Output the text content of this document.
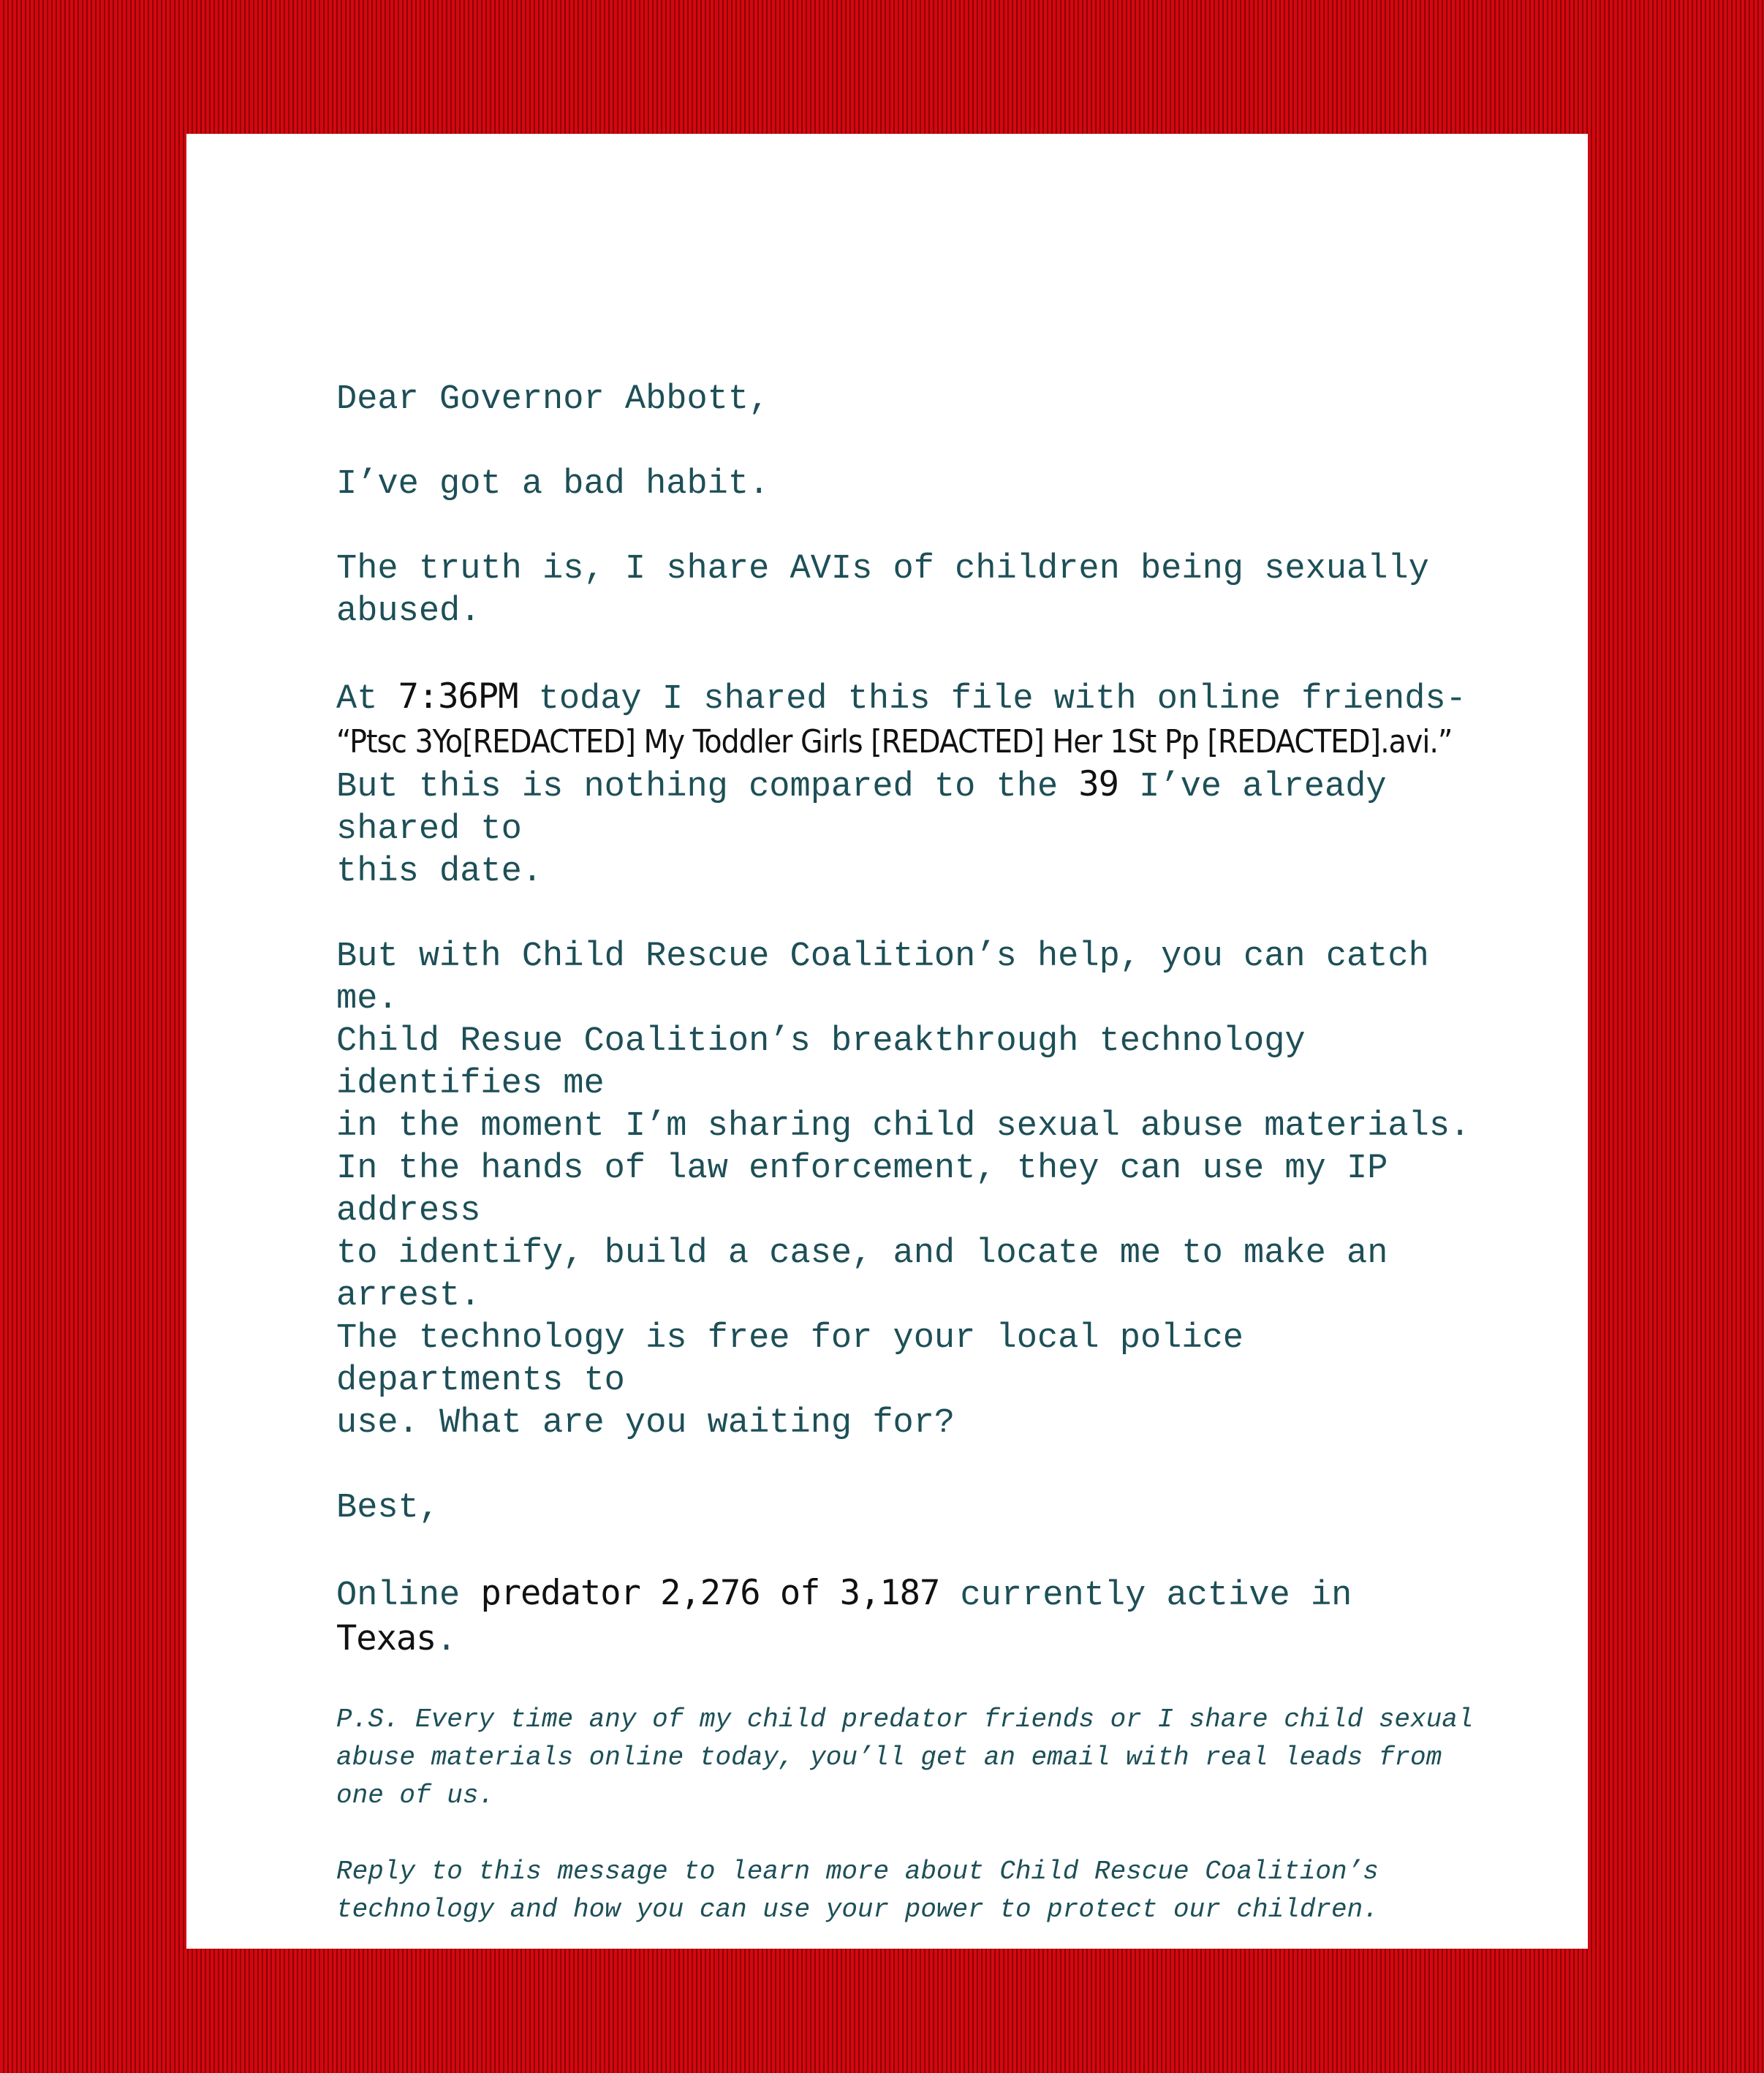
Dear Governor Abbott,

I’ve got a bad habit.

The truth is, I share AVIs of children being sexually abused.

At 7:36PM today I shared this file with online friends-

“Ptsc 3Yo[REDACTED] My Toddler Girls [REDACTED] Her 1St Pp [REDACTED].avi.”

But this is nothing compared to the 39 I’ve already shared to

this date.

But with Child Rescue Coalition’s help, you can catch me.

Child Resue Coalition’s breakthrough technology identifies me

in the moment I’m sharing child sexual abuse materials.

In the hands of law enforcement, they can use my IP address

to identify, build a case, and locate me to make an arrest.

The technology is free for your local police departments to

use. What are you waiting for?

Best,

Online predator 2,276 of 3,187 currently active in Texas.

P.S. Every time any of my child predator friends or I share child sexual

abuse materials online today, you’ll get an email with real leads from one of us.

Reply to this message to learn more about Child Rescue Coalition’s

technology and how you can use your power to protect our children.
